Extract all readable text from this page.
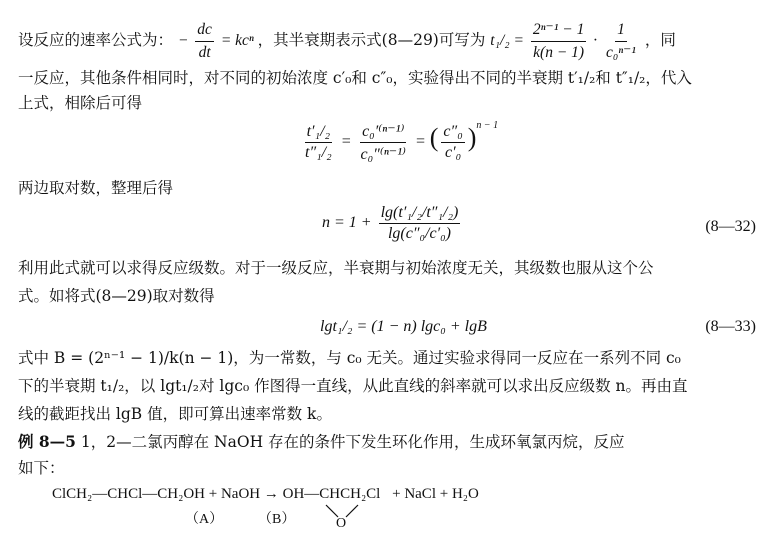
设反应的速率公式为： − $\frac{dc}{dt} = kc^n$ ，其半衰期表示式(8—29)可写为 $t_1/_2 = \frac{\text{2ⁿ⁻¹ − 1}}{k(n - 1)} \cdot \frac{1}{\text{c₀ⁿ⁻¹}}$ ，同
一反应，其他条件相同时，对不同的初始浓度 c′₀和 c″₀，实验得出不同的半衰期 t′₁/₂和 t″₁/₂，代入
上式，相除后可得
$\frac{\text{t′₁/₂}}{\text{t″₁/₂}} = \frac{\text{c₀′⁽ⁿ⁻¹⁾}}{\text{c₀″⁽ⁿ⁻¹⁾}}$ = ( $\frac{\text{c″₀}}{\text{c′₀}} )^{n - 1}$
两边取对数，整理后得
$n = 1 + \frac{\text{lg(t′₁/₂/t″₁/₂)}}{\text{lg(c″₀/c′₀)}}$	(8—32)
利用此式就可以求得反应级数。对于一级反应，半衰期与初始浓度无关，其级数也服从这个公
式。如将式(8—29)取对数得
lgt₁/₂ = (1 − n) lgc₀ + lgB	(8—33)
式中 B = (2ⁿ⁻¹ − 1)/k(n − 1)，为一常数，与 c₀ 无关。通过实验求得同一反应在一系列不同 c₀
下的半衰期 t₁/₂，以 lgt₁/₂对 lgc₀ 作图得一直线，从此直线的斜率就可以求出反应级数 n。再由直
线的截距找出 lgB 值，即可算出速率常数 k。
例 8—5 1，2—二氯丙醇在 NaOH 存在的条件下发生环化作用，生成环氧氯丙烷，反应
如下：
ClCH₂—CHCl—CH₂OH + NaOH → OH—CHCH₂Cl + NaCl + H₂O
（A） （B）	O
